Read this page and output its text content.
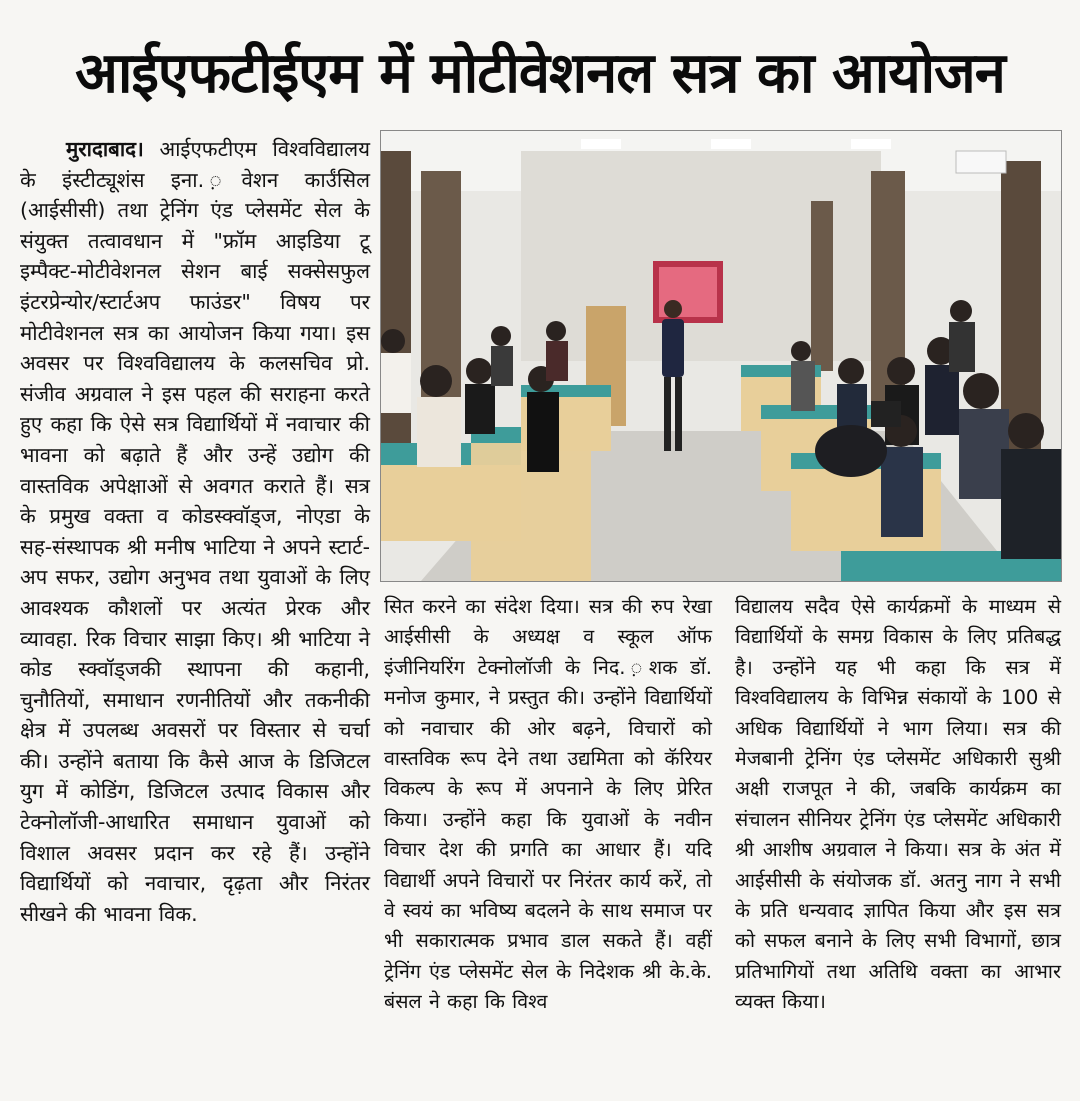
आईएफटीईएम में मोटीवेशनल सत्र का आयोजन
मुरादाबाद। आईएफटीएम विश्वविद्यालय के इंस्टीट्यूशंस इना. ़वेशन कार्उंसिल (आईसीसी) तथा ट्रेनिंग एंड प्लेसमेंट सेल के संयुक्त तत्वावधान में "फ्रॉम आइडिया टू इम्पैक्ट-मोटीवेशनल सेशन बाई सक्सेसफुल इंटरप्रेन्योर/स्टार्टअप फाउंडर" विषय पर मोटीवेशनल सत्र का आयोजन किया गया। इस अवसर पर विश्वविद्यालय के कलसचिव प्रो. संजीव अग्रवाल ने इस पहल की सराहना करते हुए कहा कि ऐसे सत्र विद्यार्थियों में नवाचार की भावना को बढ़ाते हैं और उन्हें उद्योग की वास्तविक अपेक्षाओं से अवगत कराते हैं। सत्र के प्रमुख वक्ता व कोडस्क्वॉड्ज, नोएडा के सह-संस्थापक श्री मनीष भाटिया ने अपने स्टार्ट-अप सफर, उद्योग अनुभव तथा युवाओं के लिए आवश्यक कौशलों पर अत्यंत प्रेरक और व्यावहा. रिक विचार साझा किए। श्री भाटिया ने कोड स्क्वॉड्जकी स्थापना की कहानी, चुनौतियों, समाधान रणनीतियों और तकनीकी क्षेत्र में उपलब्ध अवसरों पर विस्तार से चर्चा की। उन्होंने बताया कि कैसे आज के डिजिटल युग में कोडिंग, डिजिटल उत्पाद विकास और टेक्नोलॉजी-आधारित समाधान युवाओं को विशाल अवसर प्रदान कर रहे हैं। उन्होंने विद्यार्थियों को नवाचार, दृढ़ता और निरंतर सीखने की भावना विक.
सित करने का संदेश दिया। सत्र की रुप रेखा आईसीसी के अध्यक्ष व स्कूल ऑफ इंजीनियरिंग टेक्नोलॉजी के निद. ़शक डॉ. मनोज कुमार, ने प्रस्तुत की। उन्होंने विद्यार्थियों को नवाचार की ओर बढ़ने, विचारों को वास्तविक रूप देने तथा उद्यमिता को कॅरियर विकल्प के रूप में अपनाने के लिए प्रेरित किया। उन्होंने कहा कि युवाओं के नवीन विचार देश की प्रगति का आधार हैं। यदि विद्यार्थी अपने विचारों पर निरंतर कार्य करें, तो वे स्वयं का भविष्य बदलने के साथ समाज पर भी सकारात्मक प्रभाव डाल सकते हैं। वहीं ट्रेनिंग एंड प्लेसमेंट सेल के निदेशक श्री के.के. बंसल ने कहा कि विश्व
विद्यालय सदैव ऐसे कार्यक्रमों के माध्यम से विद्यार्थियों के समग्र विकास के लिए प्रतिबद्ध है। उन्होंने यह भी कहा कि सत्र में विश्वविद्यालय के विभिन्न संकायों के 100 से अधिक विद्यार्थियों ने भाग लिया। सत्र की मेजबानी ट्रेनिंग एंड प्लेसमेंट अधिकारी सुश्री अक्षी राजपूत ने की, जबकि कार्यक्रम का संचालन सीनियर ट्रेनिंग एंड प्लेसमेंट अधिकारी श्री आशीष अग्रवाल ने किया। सत्र के अंत में आईसीसी के संयोजक डॉ. अतनु नाग ने सभी के प्रति धन्यवाद ज्ञापित किया और इस सत्र को सफल बनाने के लिए सभी विभागों, छात्र प्रतिभागियों तथा अतिथि वक्ता का आभार व्यक्त किया।
